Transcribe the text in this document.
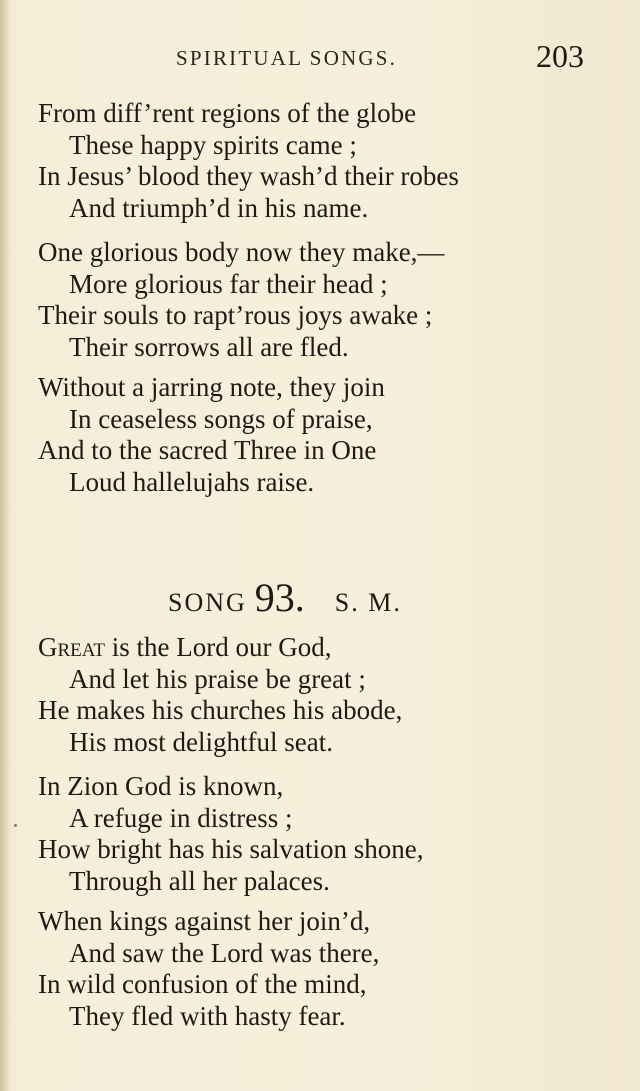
SPIRITUAL SONGS.	203
From diff’rent regions of the globe
These happy spirits came ;
In Jesus’ blood they wash’d their robes
And triumph’d in his name.
One glorious body now they make,—
More glorious far their head ;
Their souls to rapt’rous joys awake ;
Their sorrows all are fled.
Without a jarring note, they join
In ceaseless songs of praise,
And to the sacred Three in One
Loud hallelujahs raise.
SONG 93. S. M.
Great is the Lord our God,
And let his praise be great ;
He makes his churches his abode,
His most delightful seat.
In Zion God is known,
A refuge in distress ;
How bright has his salvation shone,
Through all her palaces.
When kings against her join’d,
And saw the Lord was there,
In wild confusion of the mind,
They fled with hasty fear.
